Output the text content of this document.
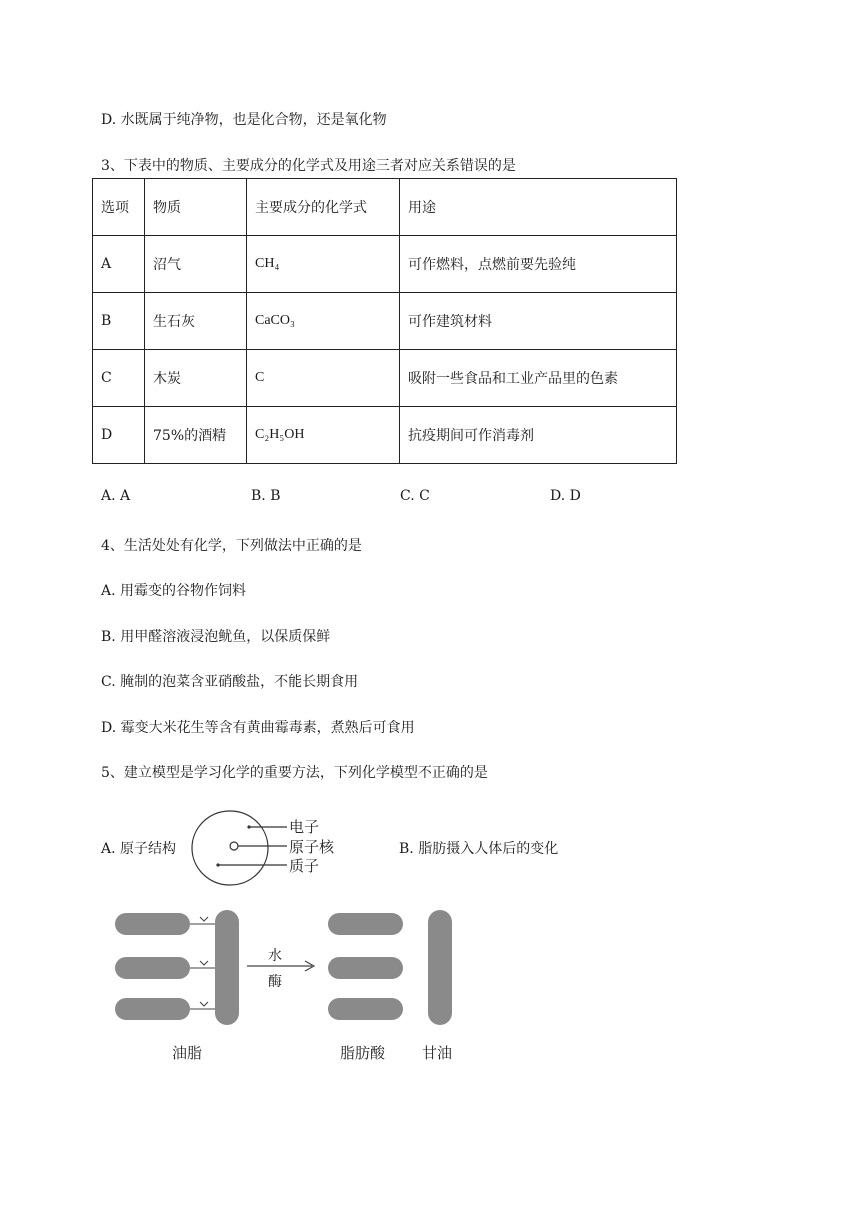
D. 水既属于纯净物，也是化合物，还是氧化物
3、下表中的物质、主要成分的化学式及用途三者对应关系错误的是
选项	物质	主要成分的化学式	用途
A	沼气	CH₄	可作燃料，点燃前要先验纯
B	生石灰	CaCO₃	可作建筑材料
C	木炭	C	吸附一些食品和工业产品里的色素
D	75%的酒精	C₂H₅OH	抗疫期间可作消毒剂
A. A	B. B	C. C	D. D
4、生活处处有化学，下列做法中正确的是
A. 用霉变的谷物作饲料
B. 用甲醛溶液浸泡鱿鱼，以保质保鲜
C. 腌制的泡菜含亚硝酸盐，不能长期食用
D. 霉变大米花生等含有黄曲霉毒素，煮熟后可食用
5、建立模型是学习化学的重要方法，下列化学模型不正确的是
A. 原子结构	B. 脂肪摄入人体后的变化
电子
原子核
质子
水
酶
油脂	脂肪酸 甘油
